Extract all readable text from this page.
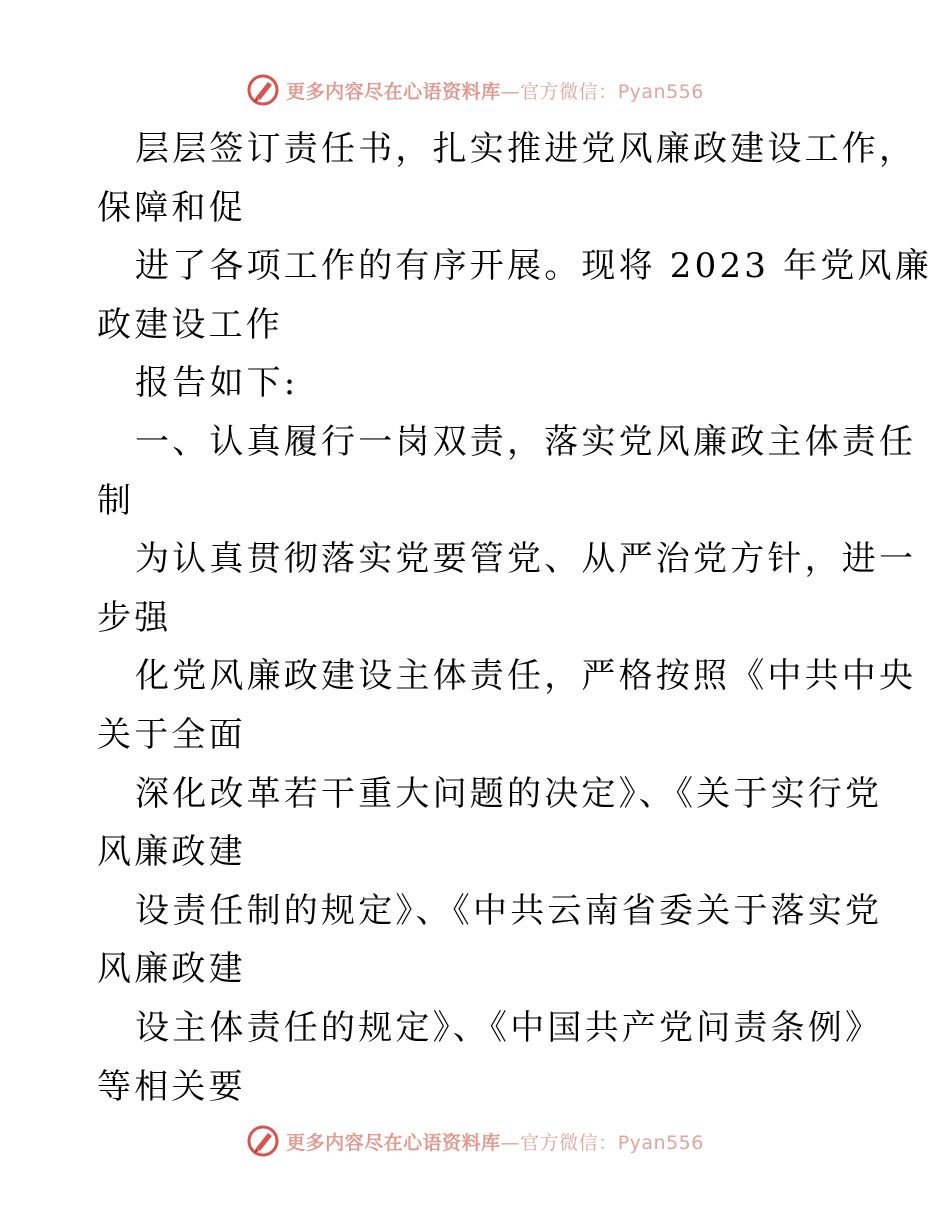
更多内容尽在心语资料库—官方微信：Pyan556
层层签订责任书，扎实推进党风廉政建设工作，
保障和促
进了各项工作的有序开展。现将 2023 年党风廉
政建设工作
报告如下:
一、认真履行一岗双责，落实党风廉政主体责任
制
为认真贯彻落实党要管党、从严治党方针，进一
步强
化党风廉政建设主体责任，严格按照《中共中央
关于全面
深化改革若干重大问题的决定》、《关于实行党
风廉政建
设责任制的规定》、《中共云南省委关于落实党
风廉政建
设主体责任的规定》、《中国共产党问责条例》
等相关要
更多内容尽在心语资料库—官方微信：Pyan556
